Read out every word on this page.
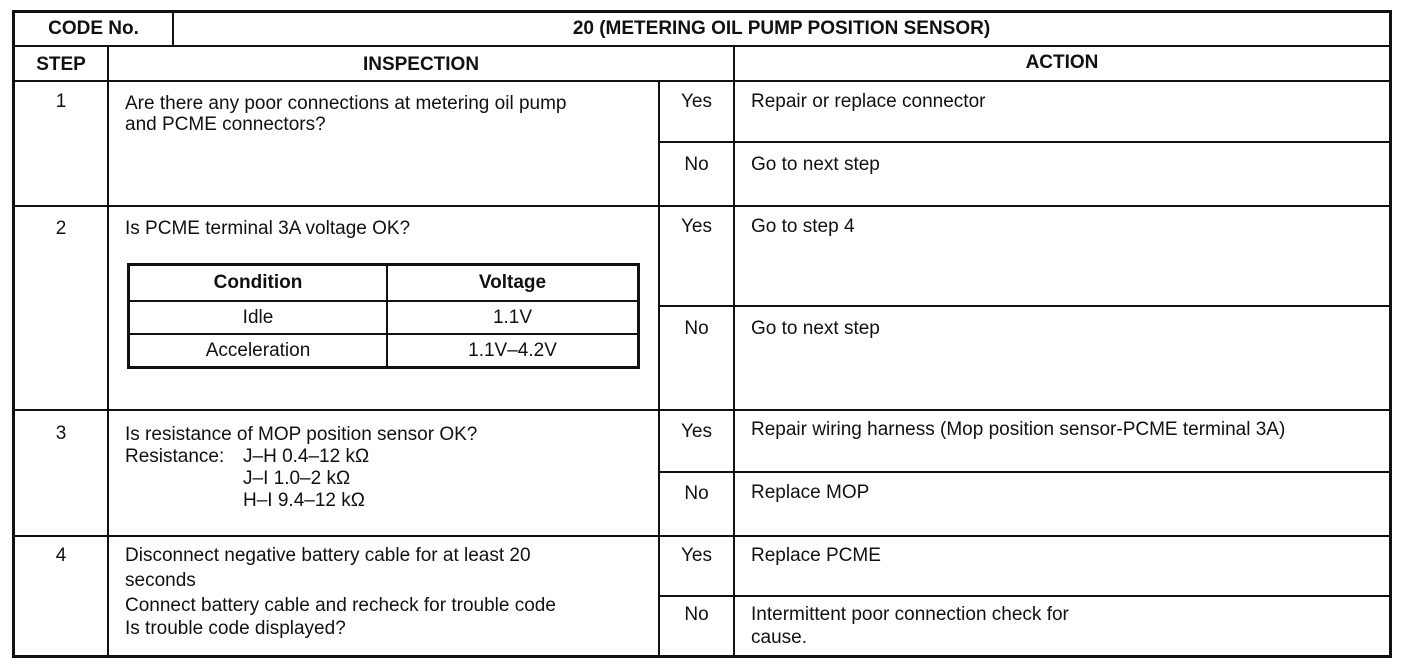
CODE No.	20 (METERING OIL PUMP POSITION SENSOR)
STEP	INSPECTION	ACTION
1	Are there any poor connections at metering oil pump
and PCME connectors?
Yes	Repair or replace connector
No	Go to next step
2	Is PCME terminal 3A voltage OK?
Condition	Voltage
Idle	1.1V
Acceleration	1.1V–4.2V
Yes	Go to step 4
No	Go to next step
3	Is resistance of MOP position sensor OK?
Resistance: J–H 0.4–12 kΩ
J–I 1.0–2 kΩ
H–I 9.4–12 kΩ
Yes	Repair wiring harness (Mop position sensor-PCME terminal 3A)
No	Replace MOP
4	Disconnect negative battery cable for at least 20
seconds
Connect battery cable and recheck for trouble code
Is trouble code displayed?
Yes	Replace PCME
No	Intermittent poor connection check for
cause.
